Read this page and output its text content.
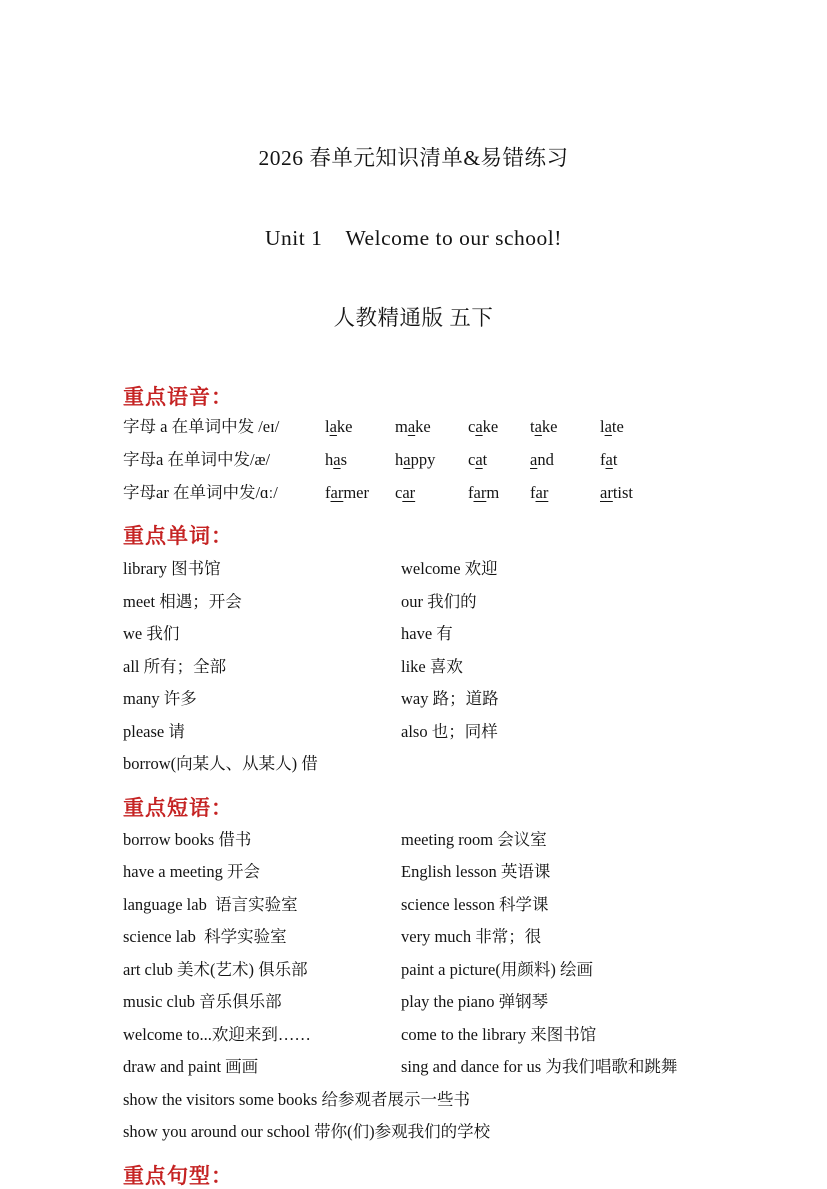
2026 春单元知识清单&易错练习

Unit 1    Welcome to our school!

人教精通版 五下

重点语音：
字母 a 在单词中发 /eɪ/	lake	make	cake	take	late
字母a 在单词中发/æ/	has	happy	cat	and	fat
字母ar 在单词中发/ɑː/	farmer	car	farm	far	artist
重点单词：
library 图书馆	welcome 欢迎
meet 相遇；开会	our 我们的
we 我们	have 有
all 所有；全部	like 喜欢
many 许多	way 路；道路
please 请	also 也；同样
borrow(向某人、从某人) 借
重点短语：
borrow books 借书	meeting room 会议室
have a meeting 开会	English lesson 英语课
language lab  语言实验室	science lesson 科学课
science lab  科学实验室	very much 非常；很
art club 美术(艺术) 俱乐部	paint a picture(用颜料) 绘画
music club 音乐俱乐部	play the piano 弹钢琴
welcome to...欢迎来到……	come to the library 来图书馆
draw and paint 画画	sing and dance for us 为我们唱歌和跳舞
show the visitors some books 给参观者展示一些书
show you around our school 带你(们)参观我们的学校
重点句型：
